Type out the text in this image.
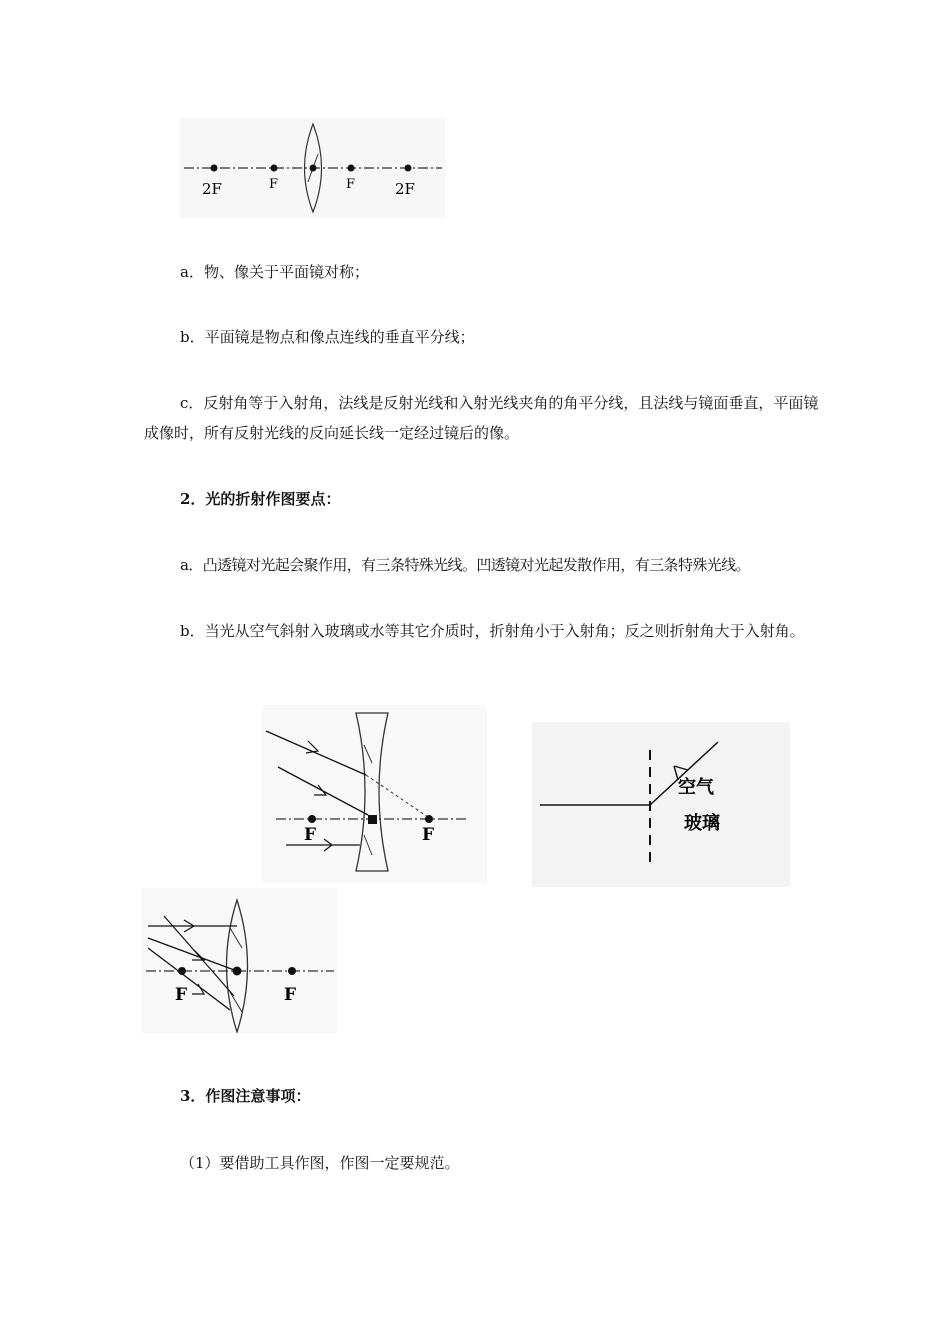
2F	F	F	2F

a．物、像关于平面镜对称；

b．平面镜是物点和像点连线的垂直平分线；

c．反射角等于入射角，法线是反射光线和入射光线夹角的角平分线，且法线与镜面垂直，平面镜成像时，所有反射光线的反向延长线一定经过镜后的像。

2．光的折射作图要点：

a．凸透镜对光起会聚作用，有三条特殊光线。凹透镜对光起发散作用，有三条特殊光线。

b．当光从空气斜射入玻璃或水等其它介质时，折射角小于入射角；反之则折射角大于入射角。

F	F
空气
玻璃
F	F

3．作图注意事项：

（1）要借助工具作图，作图一定要规范。
